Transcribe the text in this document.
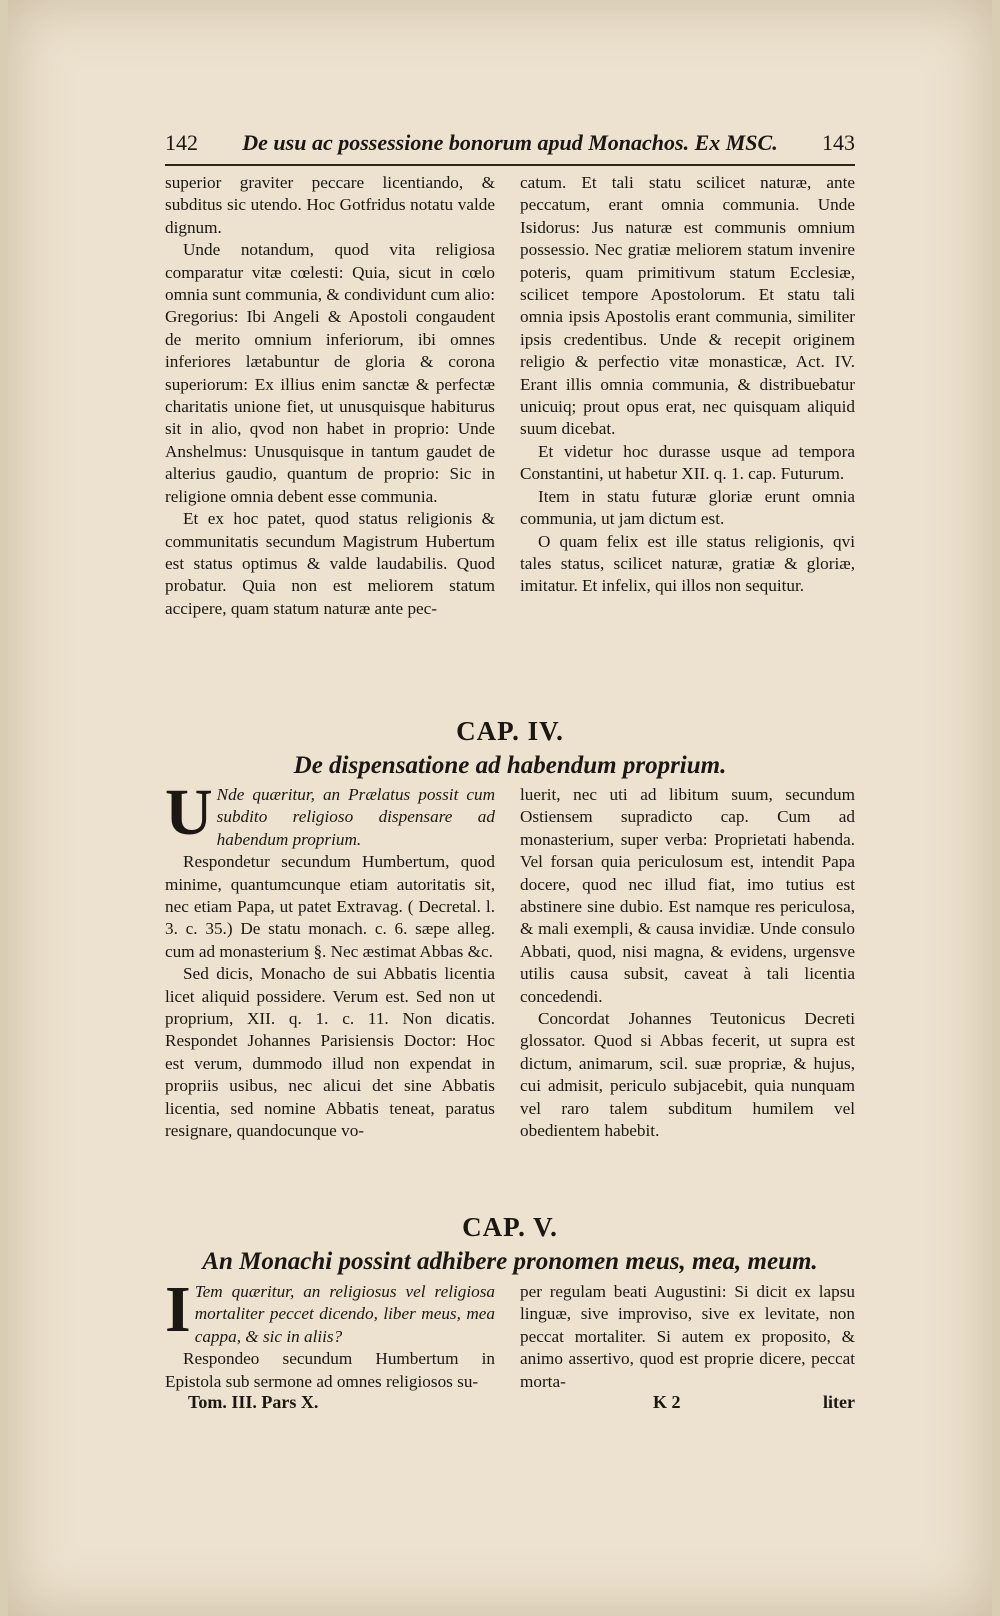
142 De usu ac possessione bonorum apud Monachos. Ex MSC. 143

superior graviter peccare licentiando, & subditus sic utendo. Hoc Gotfridus notatu valde dignum.

Unde notandum, quod vita religiosa comparatur vitæ cœlesti: Quia, sicut in cœlo omnia sunt communia, & condividunt cum alio: Gregorius: Ibi Angeli & Apostoli congaudent de merito omnium inferiorum, ibi omnes inferiores lætabuntur de gloria & corona superiorum: Ex illius enim sanctæ & perfectæ charitatis unione fiet, ut unusquisque habiturus sit in alio, qvod non habet in proprio: Unde Anshelmus: Unusquisque in tantum gaudet de alterius gaudio, quantum de proprio: Sic in religione omnia debent esse communia.

Et ex hoc patet, quod status religionis & communitatis secundum Magistrum Hubertum est status optimus & valde laudabilis. Quod probatur. Quia non est meliorem statum accipere, quam statum naturæ ante pec-

catum. Et tali statu scilicet naturæ, ante peccatum, erant omnia communia. Unde Isidorus: Jus naturæ est communis omnium possessio. Nec gratiæ meliorem statum invenire poteris, quam primitivum statum Ecclesiæ, scilicet tempore Apostolorum. Et statu tali omnia ipsis Apostolis erant communia, similiter ipsis credentibus. Unde & recepit originem religio & perfectio vitæ monasticæ, Act. IV. Erant illis omnia communia, & distribuebatur unicuiq; prout opus erat, nec quisquam aliquid suum dicebat.

Et videtur hoc durasse usque ad tempora Constantini, ut habetur XII. q. 1. cap. Futurum.

Item in statu futuræ gloriæ erunt omnia communia, ut jam dictum est.

O quam felix est ille status religionis, qvi tales status, scilicet naturæ, gratiæ & gloriæ, imitatur. Et infelix, qui illos non sequitur.

CAP. IV.
De dispensatione ad habendum proprium.

U Nde quæritur, an Prælatus possit cum subdito religioso dispensare ad habendum proprium.

Respondetur secundum Humbertum, quod minime, quantumcunque etiam autoritatis sit, nec etiam Papa, ut patet Extravag. ( Decretal. l. 3. c. 35.) De statu monach. c. 6. sæpe alleg. cum ad monasterium §. Nec æstimat Abbas &c.

Sed dicis, Monacho de sui Abbatis licentia licet aliquid possidere. Verum est. Sed non ut proprium, XII. q. 1. c. 11. Non dicatis. Respondet Johannes Parisiensis Doctor: Hoc est verum, dummodo illud non expendat in propriis usibus, nec alicui det sine Abbatis licentia, sed nomine Abbatis teneat, paratus resignare, quandocunque vo-

luerit, nec uti ad libitum suum, secundum Ostiensem supradicto cap. Cum ad monasterium, super verba: Proprietati habenda. Vel forsan quia periculosum est, intendit Papa docere, quod nec illud fiat, imo tutius est abstinere sine dubio. Est namque res periculosa, & mali exempli, & causa invidiæ. Unde consulo Abbati, quod, nisi magna, & evidens, urgensve utilis causa subsit, caveat à tali licentia concedendi.

Concordat Johannes Teutonicus Decreti glossator. Quod si Abbas fecerit, ut supra est dictum, animarum, scil. suæ propriæ, & hujus, cui admisit, periculo subjacebit, quia nunquam vel raro talem subditum humilem vel obedientem habebit.

CAP. V.
An Monachi possint adhibere pronomen meus, mea, meum.

I Tem quæritur, an religiosus vel religiosa mortaliter peccet dicendo, liber meus, mea cappa, & sic in aliis?

Respondeo secundum Humbertum in Epistola sub sermone ad omnes religiosos su-

per regulam beati Augustini: Si dicit ex lapsu linguæ, sive improviso, sive ex levitate, non peccat mortaliter. Si autem ex proposito, & animo assertivo, quod est proprie dicere, peccat morta-

Tom. III. Pars X.	K 2	liter
